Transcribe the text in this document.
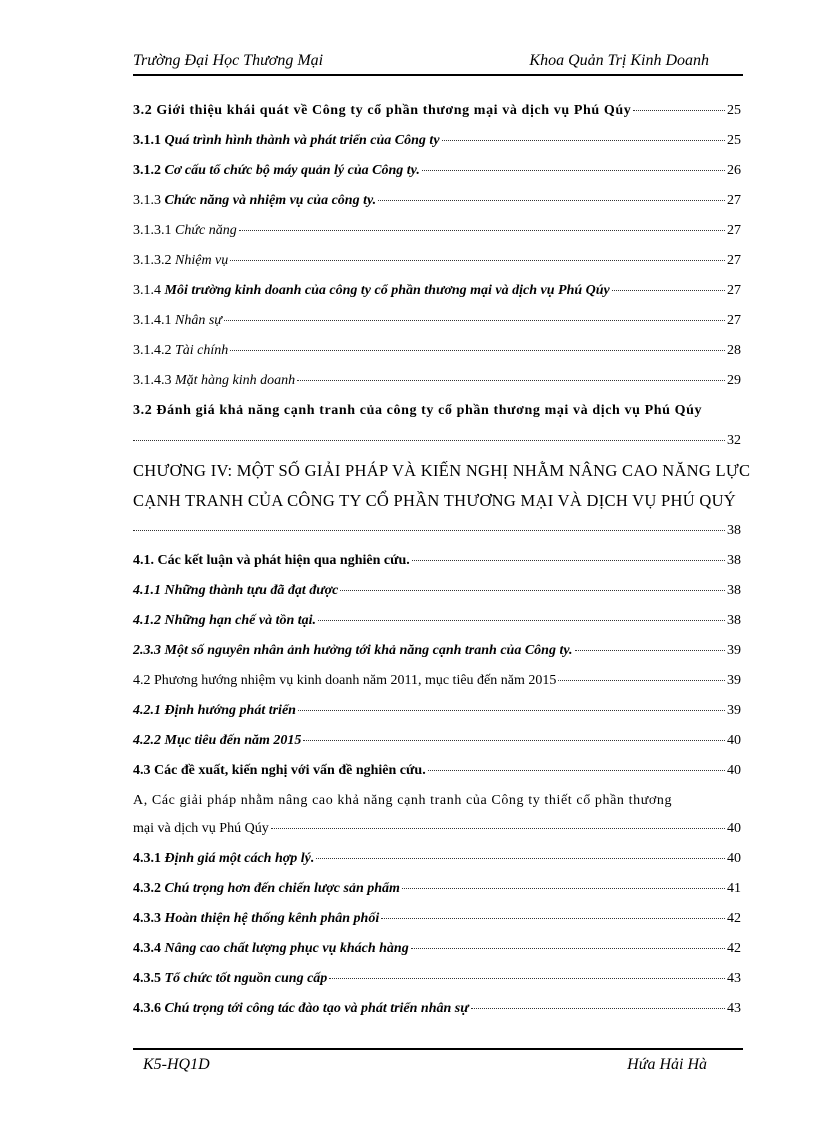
Trường Đại Học Thương Mại	Khoa Quản Trị Kinh Doanh
3.2 Giới thiệu khái quát về Công ty cổ phần thương mại và dịch vụ Phú Qúy	25
3.1.1 Quá trình hình thành và phát triển của Công ty	25
3.1.2 Cơ cấu tổ chức bộ máy quản lý của Công ty.	26
3.1.3 Chức năng và nhiệm vụ của công ty.	27
3.1.3.1 Chức năng	27
3.1.3.2 Nhiệm vụ	27
3.1.4 Môi trường kinh doanh của công ty cổ phần thương mại và dịch vụ Phú Qúy	27
3.1.4.1 Nhân sự	27
3.1.4.2 Tài chính	28
3.1.4.3 Mặt hàng kinh doanh	29
3.2 Đánh giá khả năng cạnh tranh của công ty cổ phần thương mại và dịch vụ Phú Qúy
32
CHƯƠNG IV: MỘT SỐ GIẢI PHÁP VÀ KIẾN NGHỊ NHẰM NÂNG CAO NĂNG LỰC
CẠNH TRANH CỦA CÔNG TY CỔ PHẦN THƯƠNG MẠI VÀ DỊCH VỤ PHÚ QUÝ
38
4.1. Các kết luận và phát hiện qua nghiên cứu.	38
4.1.1 Những thành tựu đã đạt được	38
4.1.2 Những hạn chế và tồn tại.	38
2.3.3 Một số nguyên nhân ảnh hưởng tới khả năng cạnh tranh của Công ty.	39
4.2 Phương hướng nhiệm vụ kinh doanh năm 2011, mục tiêu đến năm 2015	39
4.2.1 Định hướng phát triển	39
4.2.2 Mục tiêu đến năm 2015	40
4.3 Các đề xuất, kiến nghị với vấn đề nghiên cứu.	40
A, Các giải pháp nhằm nâng cao khả năng cạnh tranh của Công ty thiết cổ phần thương
mại và dịch vụ Phú Qúy	40
4.3.1 Định giá một cách hợp lý.	40
4.3.2 Chú trọng hơn đến chiến lược sản phẩm	41
4.3.3 Hoàn thiện hệ thống kênh phân phối	42
4.3.4 Nâng cao chất lượng phục vụ khách hàng	42
4.3.5 Tổ chức tốt nguồn cung cấp	43
4.3.6 Chú trọng tới công tác đào tạo và phát triển nhân sự	43
K5-HQ1D	Hứa Hải Hà
